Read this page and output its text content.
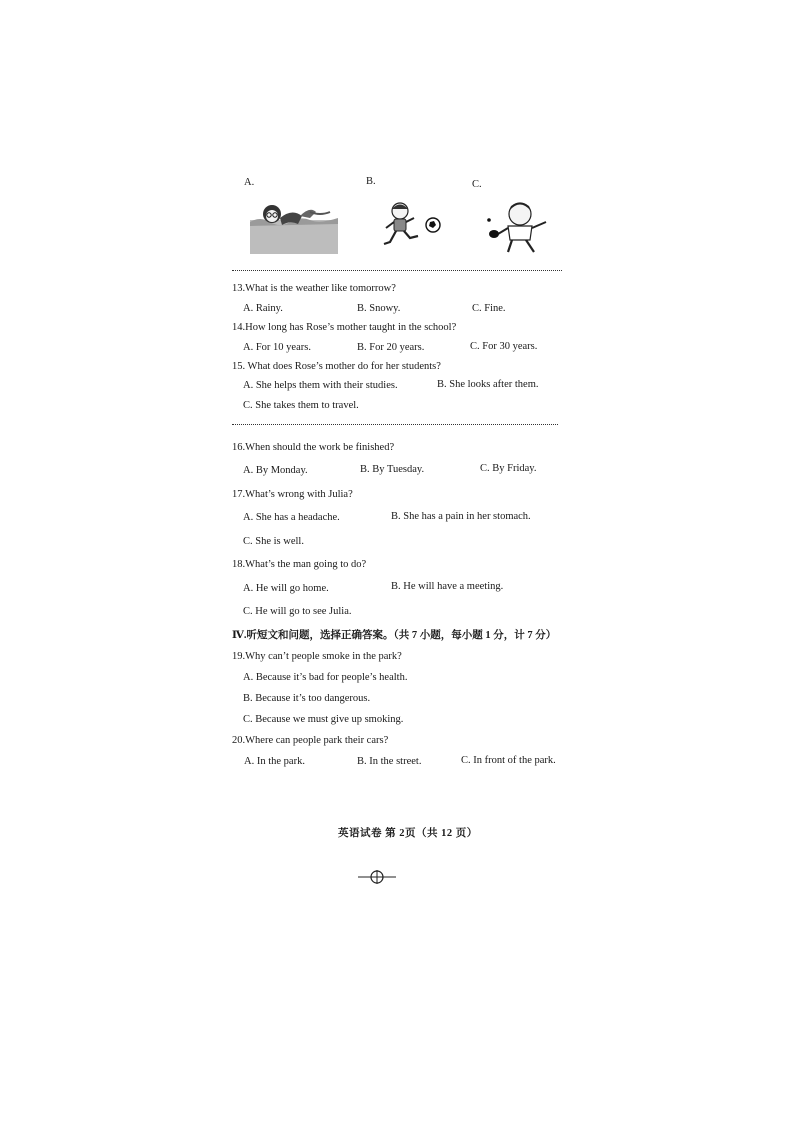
A.	B.	C.
13.What is the weather like tomorrow?
A. Rainy.	B. Snowy.	C. Fine.
14.How long has Rose’s mother taught in the school?
A. For 10 years.	B. For 20 years.	C. For 30 years.
15. What does Rose’s mother do for her students?
A. She helps them with their studies.	B. She looks after them.
C. She takes them to travel.
16.When should the work be finished?
A. By Monday.	B. By Tuesday.	C. By Friday.
17.What’s wrong with Julia?
A. She has a headache.	B. She has a pain in her stomach.
C. She is well.
18.What’s the man going to do?
A. He will go home.	B. He will have a meeting.
C. He will go to see Julia.
Ⅳ.听短文和问题，选择正确答案。（共 7 小题，每小题 1 分，计 7 分）
19.Why can’t people smoke in the park?
A. Because it’s bad for people’s health.
B. Because it’s too dangerous.
C. Because we must give up smoking.
20.Where can people park their cars?
A. In the park.	B. In the street.	C. In front of the park.
英语试卷 第 2页（共 12 页）
